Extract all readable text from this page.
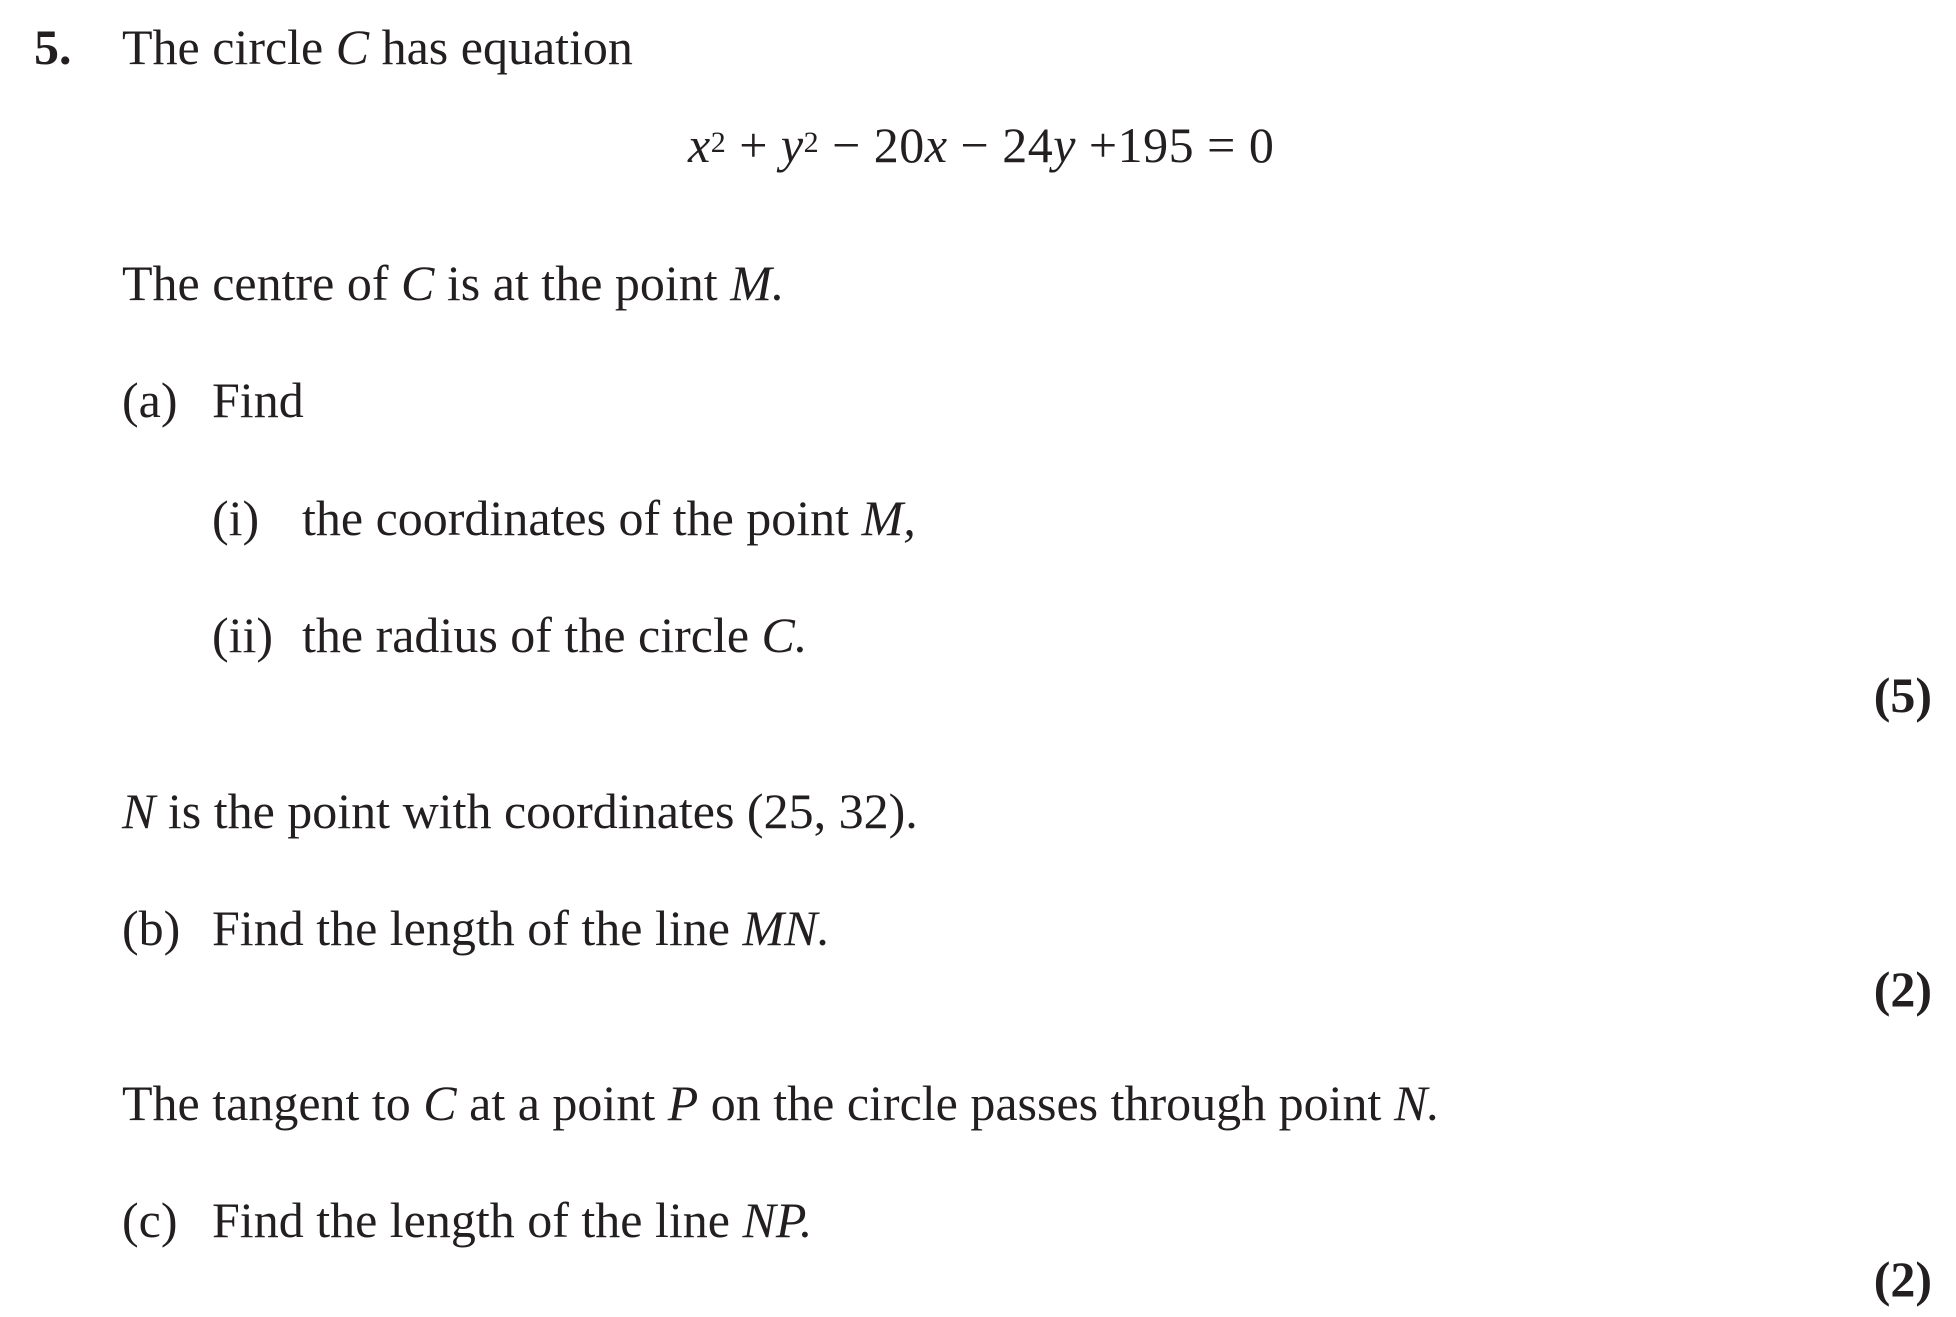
5. The circle C has equation
$x^2 + y^2 - 20x - 24y +195 = 0$
The centre of C is at the point M.
(a) Find
(i) the coordinates of the point M,
(ii) the radius of the circle C.
(5)
N is the point with coordinates (25, 32).
(b) Find the length of the line MN.
(2)
The tangent to C at a point P on the circle passes through point N.
(c) Find the length of the line NP.
(2)
